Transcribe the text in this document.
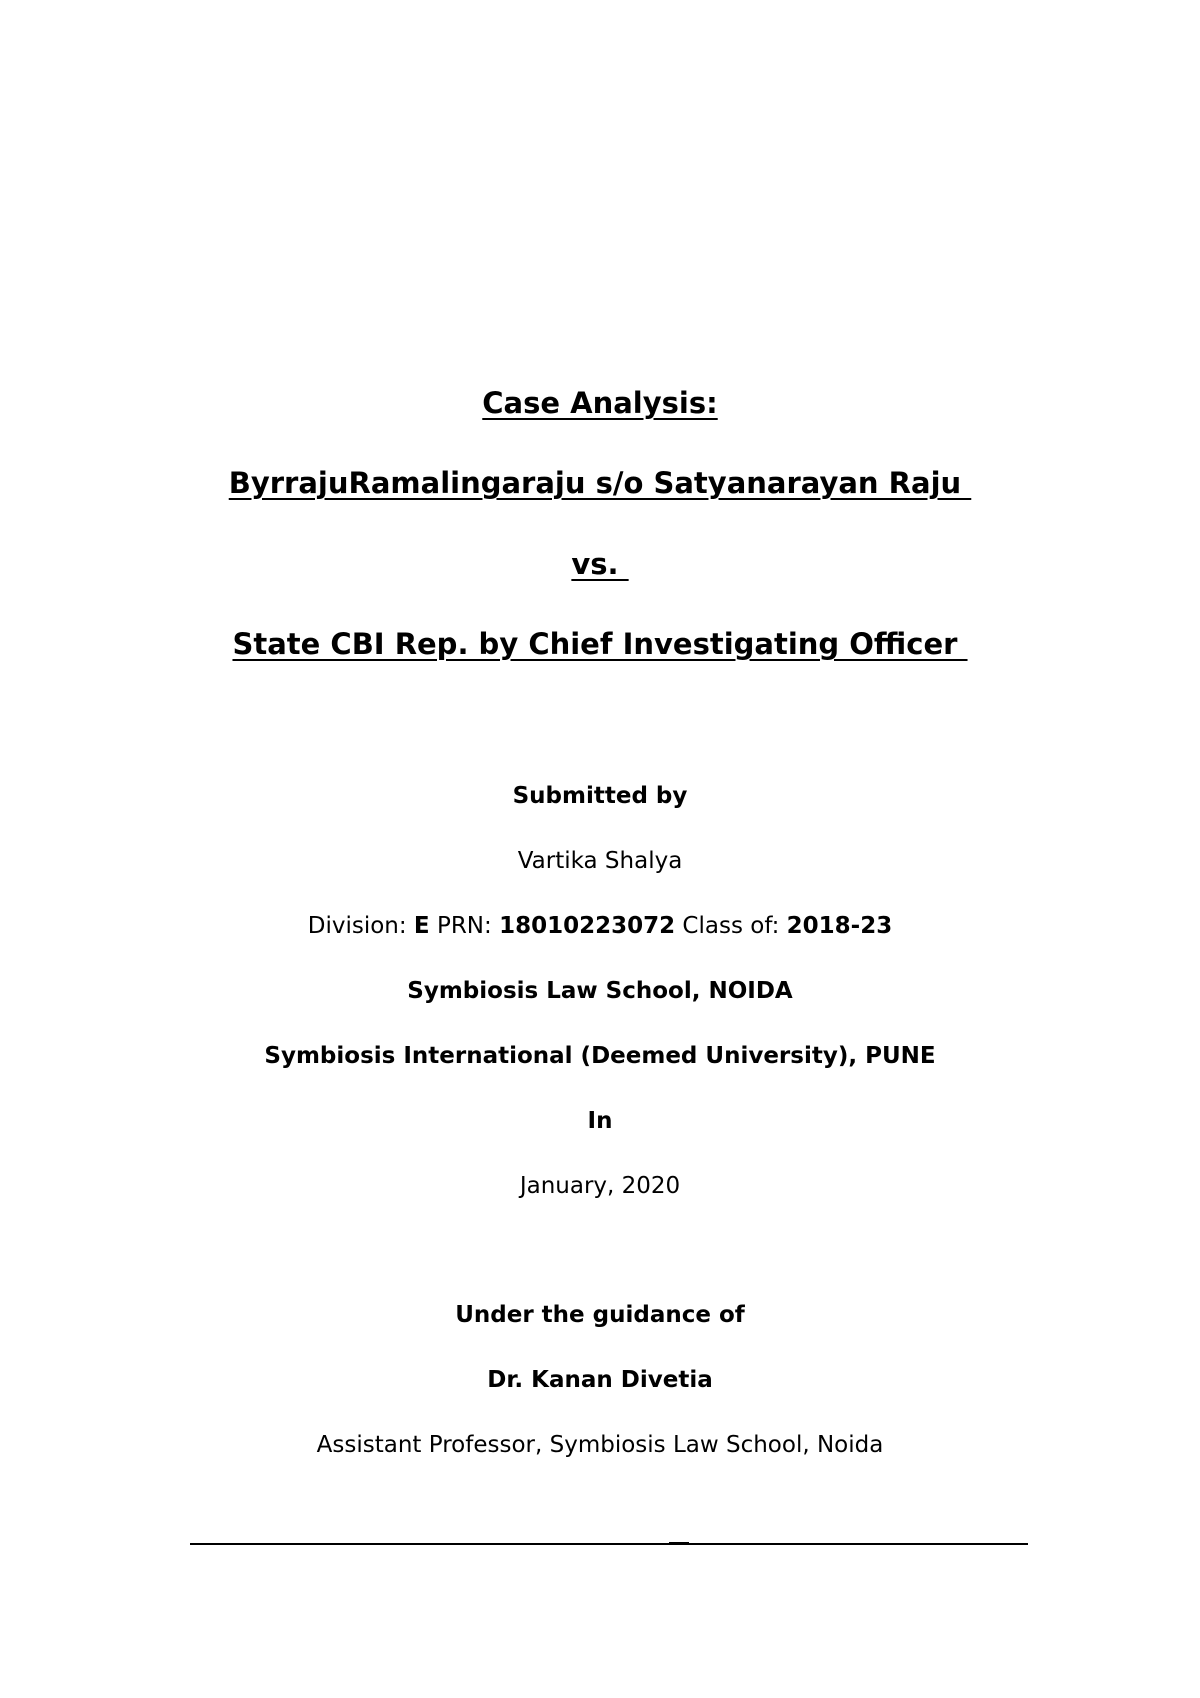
Case Analysis:
ByrrajuRamalingaraju s/o Satyanarayan Raju
vs.
State CBI Rep. by Chief Investigating Officer
Submitted by
Vartika Shalya
Division: E PRN: 18010223072 Class of: 2018-23
Symbiosis Law School, NOIDA
Symbiosis International (Deemed University), PUNE
In
January, 2020
Under the guidance of
Dr. Kanan Divetia
Assistant Professor, Symbiosis Law School, Noida
